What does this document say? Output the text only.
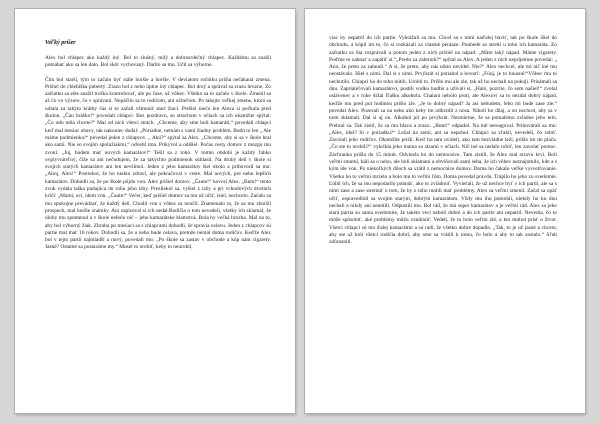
Veľký príšer

Alex bol chlapec ako každý iný. Bol to slušný, milý a dobrosrdečný chlapec. Každému sa snažil pomáhať ako sa len dalo. Bol skôr vychovaný. Darilo sa mu. Učil sa výborne.

Čím bol starší, tým to začalo byť stále horšie a horšie. V deviatom ročníku prišla nečakaná zmena. Prišiel do chlebiška pubertý. Zrazu bol z neho úplne iný chlapec. Bol drzý a správal sa zrazu hrozne. Zo začiatku sa ešte snažil troška kontrolovať, ale po čase, už vôbec. Všetko sa to začalo v škole. Zmenil sa až čo vo výzore, čo v správaní. Nepáčilo sa to rodičom, ani učiteľom. Po takejto veľkej zmene, ktorá sa udiala za takýto krátky čas si to začali všimnúť starí žiaci. Prešiel niečo len Alexa si počkala pred školou. „Čau bráško!“ povedali chlapci. Bez pozdravu, so strachom v očiach sa ich okamžite spýtal: „Čo odo mňa chcete?“ Mal od nich všetci strach. „Chceme, aby sme boli kamaráti,“ povedali chlapci keď mal mesiac obavy, tak nakoniec dodal: „Poriadne, nemám s vami žiadny problém. Budú to len „ Ale máme podmienku!“ povedal jeden z chlapcov. „ Akú?“ spýtal sa Alex. „Chceme, aby si sa v škole hral ako sami. Nie so svojím spolužiakmi,“ odvetil ima. Prikývol a odišiel. Počas cesty domov z mozgu mu zvoní: „Juj, budem mať nových kamarátov!“ Tešil sa z toho. V tomto období je každý ľahko ovplyvniteľný, čiže sa ani nečudujem, že za takýchto podmienok súhlasil. Na druhý deň v škole si svojich starých kamarátov ani len nevšimol. Jeden z jeho kamarátov šiel okolo a prihovoril sa mu: „Ahoj, Alex!“ Postrehol, že ho niekto zdraví, ale pokračoval v ceste. Mal nových, pre neho lepších kamarátov. Dohodli sa, že po škole pôjdu von. Alex prišiel domov. „Čaute!“ hovorí Alex. „Bum!“ tento zvuk vydala taška padajúca do rohu jeho izby. Prezliekol sa, vyšiel z izby a pri vchodových dverách kričí: „Mami, oci, idem von. „Čaute!“ Večer, keď prišiel domov sa mu už učiť, ísiel, nechcelo. Začalo sa mu spokojne prevádzať, že každý deň. Chodil von s vôbec sa neučil. Znamenalo to, že sa mu zhoršil prospech, mal horšie známky. Ani zapisoval si ich nedal.Rodičia o tom nevedeli, všetky ich sklamal, že úlohy mu spomenul a v škole nebolo nič – jeho kamarátske klamstvá. Bola by veľká hrozba. Mal na to, aby bol výborný žiak. Zhruba po mesiaci sa s chlapcami dohodli, že spravia oslavu. Jeden z chlapcov sú partie mal mať 16 rokov. Dohodli sa, že u neho bude oslava, pretože nemal doma rodičov. Keďže Alex bol v tejto partii najmladší a nový, povedali mu: „Po škole sa zastav v obchode a kúp nám cigarety. Jasné? Ostatné sa postaráme my.“ Musel to urobiť, keby to neurobil,

viac by nepatril do ich partie. Vyhrážali sa mu. Chcel sa s nimi naďalej baviť, tak po škole išiel do obchodu, a kúpil im to, čo si rozkázali za vlastné peniaze. Poobede sa stretli u toho ich kamaráta. Zo začiatku sa iba rozprávali a potom jeden z nich prišiel na nápad: „Mám taký nápad. Máme cigarety. Poďme to zahnať a zapáliť si.“„Predo za zahrnuli?“ spýtal sa Alex. A jeden z nich nepríjemne povedal: „ Ano, že preto za zahnuli.“ A si, že preto, aby nás nikto nevidel. Nie?“ Alex nechcel, ale mi nič iné mu neostávalo. Išiel s nimi. Dal si s nimi. Prvýkrát si potiahol a hovorí: „Fúuj, je to hnusné!“Vôbec mu to nechutilo. Chlapci ho do toho nútili. Urobil to. Prišlo mu ale zle, tak už ho nechali na pokoji. Prisámali sa dnu. Zapriateľovali kamarátovi, pustili vodku hudbu a užívali si. „Haló, pozrite, čo som našiel!“ zvolal oslávenec a v ruke držal fľašku alkoholu. Chalani nebolo proti, ale Alexovi sa to nezdal dobrý nápad, keďže mu pred pol hodinou prišlo zle. „Je to dobrý nápad? Ja asi nebudem, lebo mi bude zase zle.“ povedal Alex. Pozerali sa na neho ako keby im odbrzdil z nosa. Nikoli ho dňaj, a on nechcel, aby sa v nom sklamali. Dal si aj on. Alkohol pil po prvýkrát. Nesmierne, že sa pomalému zvládne jeho telo. Prebral sa. Tak zistil, že sa mu hlava a zrazu. „Bum!“ odpadol. Na mě nereagoval. Prihovárali sa mu: „Alex, ideš? Si v poriadku?“ Ležal na zemi, ani sa nepohol. Chlapci sa zľakli, nevedeli, čo robiť. Zavolali jeho rodičov. Okamžite prišli. Keď ho tam uvideli, ako tam bezvládne leží, prišlo im do plača. „Čo ste to urobili?“ vykríkla jeho mama so slzami v očiach. Nič iné sa nedalo robiť, len zavolať pomoc. Záchranka prišla do 15 minút. Odviezla ho do nemocnice. Tam zistili, že Alex mal otravu krvi. Boli veľmi smutní, báli sa o neho, ale boli sklamaní a obviňovali sami seba, že ich vôbec neznajomilo, kde a s kým ide von. Po niekoľkých dňoch sa vrátil z nemocnice domov. Doma ho čakalo veľké vysvetľovanie. Všetko ho to veľmi mrzelo a bolo mu to veľmi ľúto. Doma povedal pravdu. Trápilo ho jeho zo svedomie. Ľúbil ich, že sa mu nepodarilo pohnúť, ako to zvládnuť. Vyvieťali, že už nechce byť v ich partii, ale sa s nimi zase a zase stretnúť o tom, že by z toho mohli mať problémy. Alex sa veľmi zmenil. Začal sa opäť učiť, ospravedlnil sa svojim starým, dobrým kamarátom. Vždy mu ihu pomohli, niekdy ho ku dnu nechali a nikdy ani nenútili. Odpustili mu. Bol rád, že má super kamarátov a je veľmi rád. Alex sa jeho stará partia so sama svedomite, že takéto veci neboli dobré a do ich partie ani nepatril. Nevedia, čo to môže spôsobiť, aké problémy môžu vzniknúť. Vedeli, že to bolo veľmi zlé, a kto mohol prísť o život. Všetci chlapci sú mu ďalej kamarátmi a sú radi, že všetko dobre dopadlo. „Tak, to je už jasné a chcem, aby ste už boli všetci rodičia dobrí, aby sme sa vrátili k tomu, čo bolo a aby to tak zostalo.“ Sľub zdôraznili.
